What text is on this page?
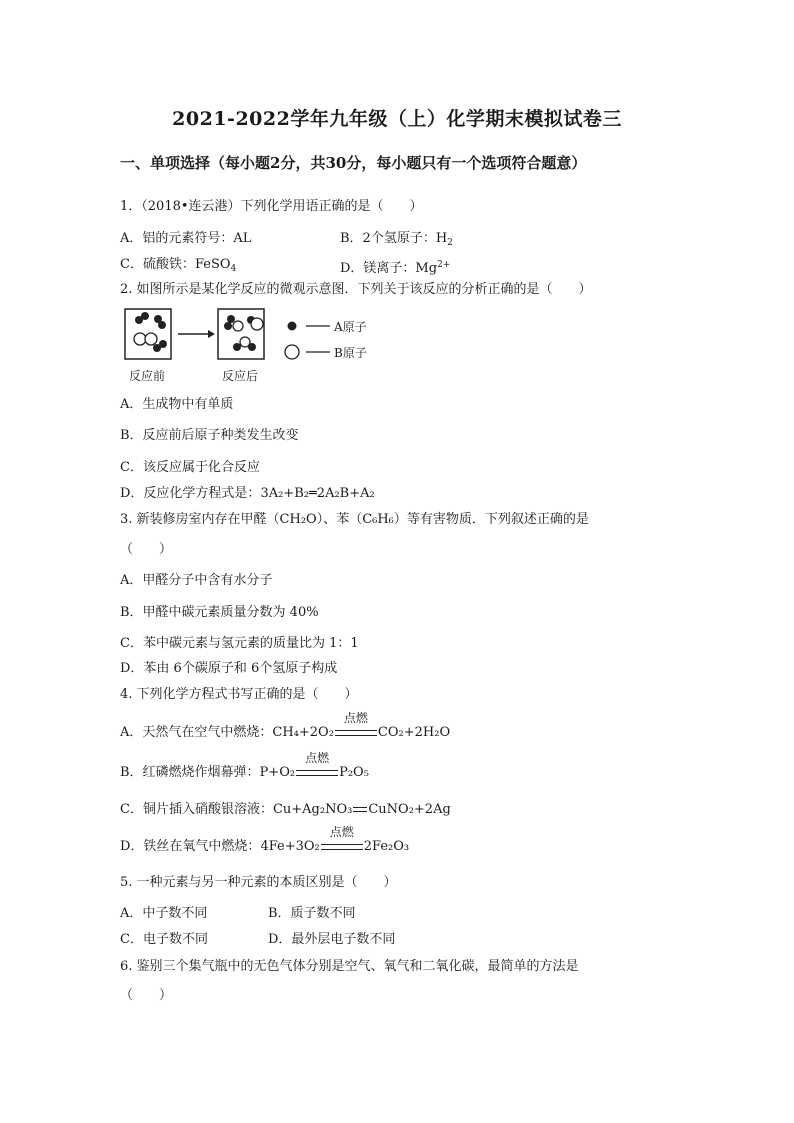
2021-2022学年九年级（上）化学期末模拟试卷三
一、单项选择（每小题2分，共30分，每小题只有一个选项符合题意）
1．（2018•连云港）下列化学用语正确的是（　　）
A．铝的元素符号：AL	B．2个氢原子：$H_2$
C．硫酸铁：FeSO$_4$	D．镁离子：$Mg^{2+}$
2. 如图所示是某化学反应的微观示意图．下列关于该反应的分析正确的是（　　）
反应前	反应后
A原子
B原子
A．生成物中有单质
B．反应前后原子种类发生改变
C．该反应属于化合反应
D．反应化学方程式是：3A₂+B₂═2A₂B+A₂
3. 新装修房室内存在甲醛（CH₂O）、苯（C₆H₆）等有害物质．下列叙述正确的是
（　　）
A．甲醛分子中含有水分子
B．甲醛中碳元素质量分数为 40%
C．苯中碳元素与氢元素的质量比为 1：1
D．苯由 6个碳原子和 6个氢原子构成
4. 下列化学方程式书写正确的是（　　）
A．天然气在空气中燃烧：CH₄+2O₂
点燃
CO₂+2H₂O
B．红磷燃烧作烟幕弹：P+O₂
点燃
P₂O₅
C．铜片插入硝酸银溶液：Cu+Ag₂NO₃ CuNO₂+2Ag
D．铁丝在氧气中燃烧：4Fe+3O₂
点燃
2Fe₂O₃
5. 一种元素与另一种元素的本质区别是（　　）
A．中子数不同	B．质子数不同
C．电子数不同	D．最外层电子数不同
6. 鉴别三个集气瓶中的无色气体分别是空气、氧气和二氧化碳，最简单的方法是
（　　）
